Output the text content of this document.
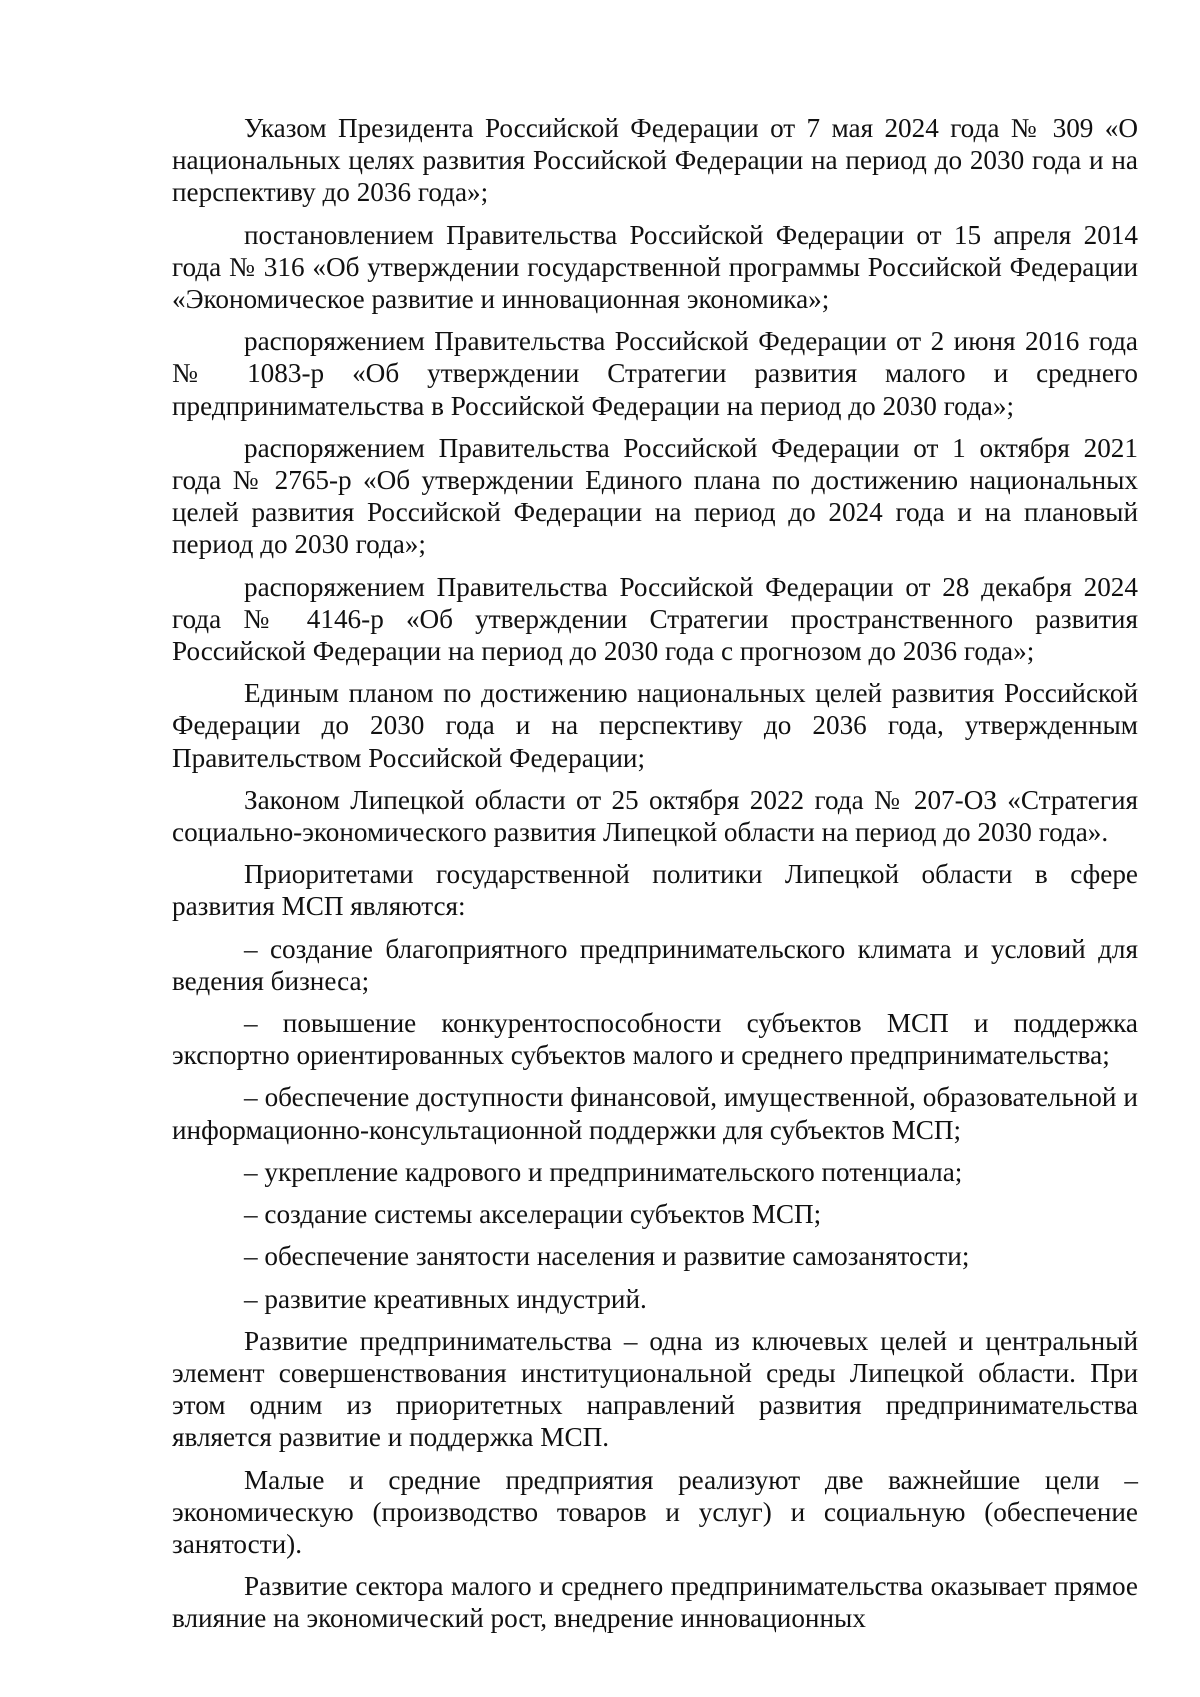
Указом Президента Российской Федерации от 7 мая 2024 года № 309 «О национальных целях развития Российской Федерации на период до 2030 года и на перспективу до 2036 года»;

постановлением Правительства Российской Федерации от 15 апреля 2014 года № 316 «Об утверждении государственной программы Российской Федерации «Экономическое развитие и инновационная экономика»;

распоряжением Правительства Российской Федерации от 2 июня 2016 года № 1083-р «Об утверждении Стратегии развития малого и среднего предпринимательства в Российской Федерации на период до 2030 года»;

распоряжением Правительства Российской Федерации от 1 октября 2021 года № 2765-р «Об утверждении Единого плана по достижению национальных целей развития Российской Федерации на период до 2024 года и на плановый период до 2030 года»;

распоряжением Правительства Российской Федерации от 28 декабря 2024 года № 4146-р «Об утверждении Стратегии пространственного развития Российской Федерации на период до 2030 года с прогнозом до 2036 года»;

Единым планом по достижению национальных целей развития Российской Федерации до 2030 года и на перспективу до 2036 года, утвержденным Правительством Российской Федерации;

Законом Липецкой области от 25 октября 2022 года № 207-ОЗ «Стратегия социально-экономического развития Липецкой области на период до 2030 года».

Приоритетами государственной политики Липецкой области в сфере развития МСП являются:

– создание благоприятного предпринимательского климата и условий для ведения бизнеса;

– повышение конкурентоспособности субъектов МСП и поддержка экспортно ориентированных субъектов малого и среднего предпринимательства;

– обеспечение доступности финансовой, имущественной, образовательной и информационно-консультационной поддержки для субъектов МСП;

– укрепление кадрового и предпринимательского потенциала;

– создание системы акселерации субъектов МСП;

– обеспечение занятости населения и развитие самозанятости;

– развитие креативных индустрий.

Развитие предпринимательства – одна из ключевых целей и центральный элемент совершенствования институциональной среды Липецкой области. При этом одним из приоритетных направлений развития предпринимательства является развитие и поддержка МСП.

Малые и средние предприятия реализуют две важнейшие цели – экономическую (производство товаров и услуг) и социальную (обеспечение занятости).

Развитие сектора малого и среднего предпринимательства оказывает прямое влияние на экономический рост, внедрение инновационных
